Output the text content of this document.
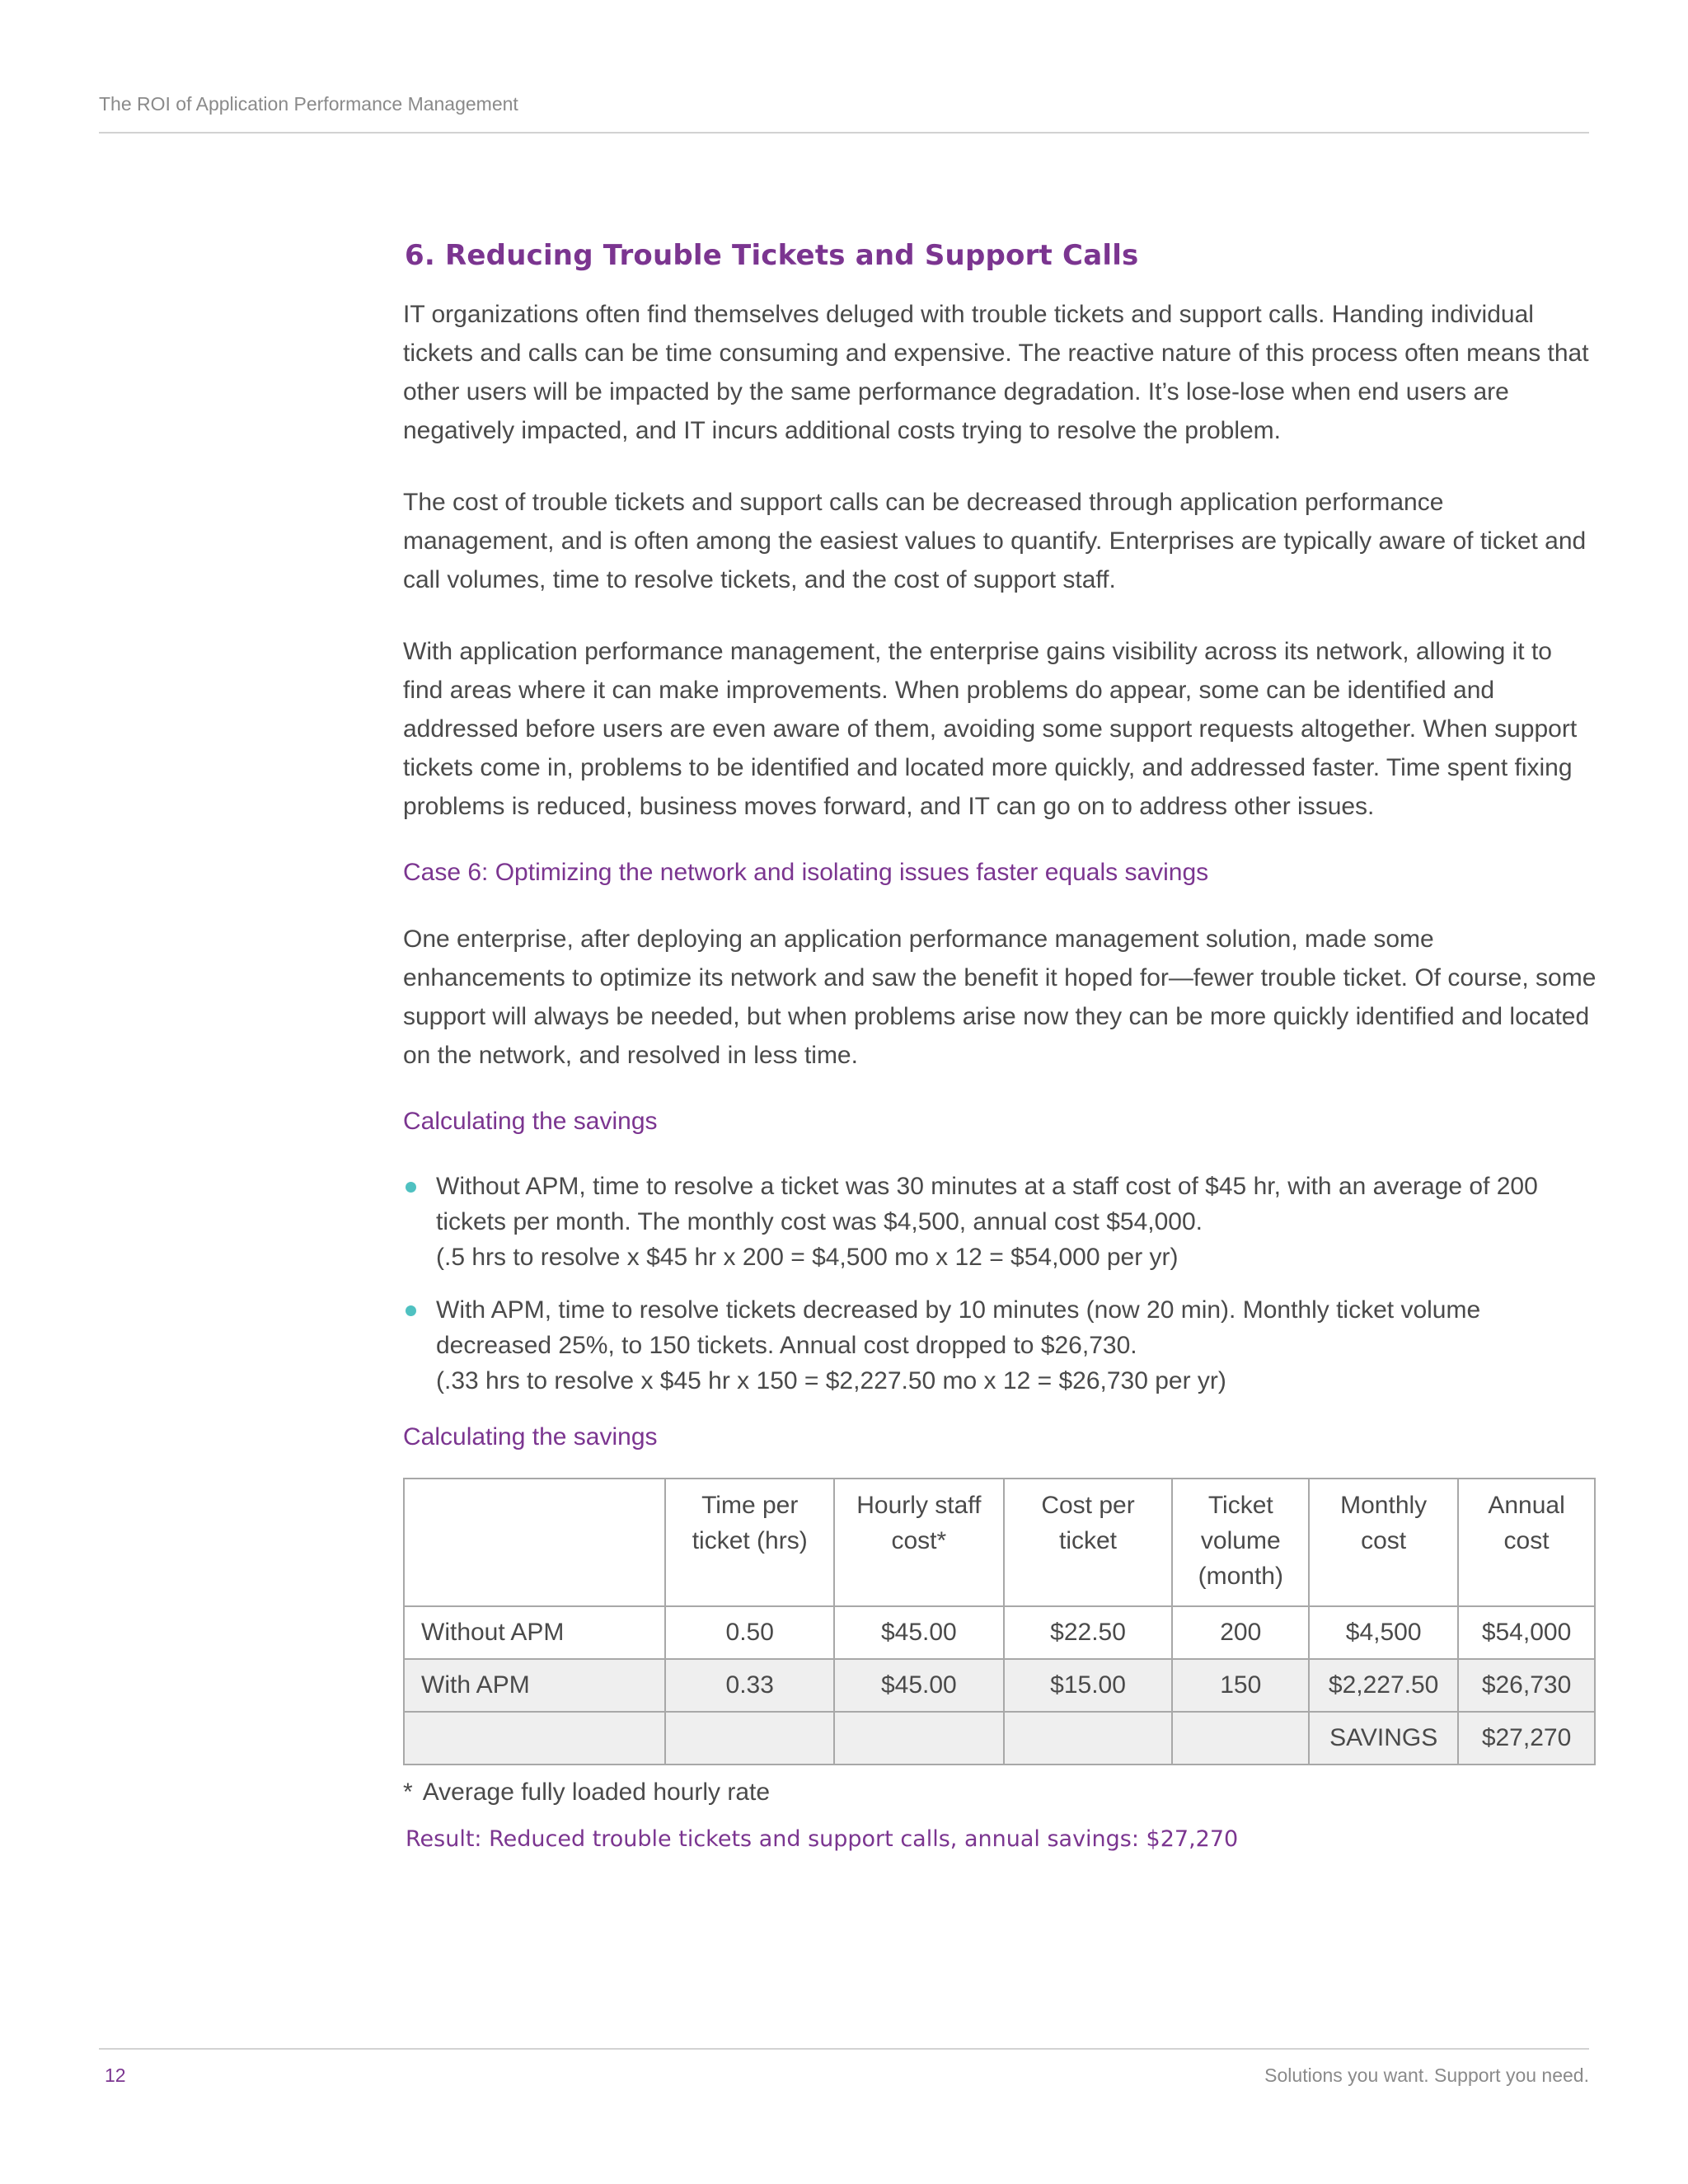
The ROI of Application Performance Management
6. Reducing Trouble Tickets and Support Calls

IT organizations often find themselves deluged with trouble tickets and support calls. Handing individual tickets and calls can be time consuming and expensive. The reactive nature of this process often means that other users will be impacted by the same performance degradation. It’s lose-lose when end users are negatively impacted, and IT incurs additional costs trying to resolve the problem.

The cost of trouble tickets and support calls can be decreased through application performance management, and is often among the easiest values to quantify. Enterprises are typically aware of ticket and call volumes, time to resolve tickets, and the cost of support staff.

With application performance management, the enterprise gains visibility across its network, allowing it to find areas where it can make improvements. When problems do appear, some can be identified and addressed before users are even aware of them, avoiding some support requests altogether. When support tickets come in, problems to be identified and located more quickly, and addressed faster. Time spent fixing problems is reduced, business moves forward, and IT can go on to address other issues.

Case 6: Optimizing the network and isolating issues faster equals savings

One enterprise, after deploying an application performance management solution, made some enhancements to optimize its network and saw the benefit it hoped for—fewer trouble ticket. Of course, some support will always be needed, but when problems arise now they can be more quickly identified and located on the network, and resolved in less time.

Calculating the savings
Without APM, time to resolve a ticket was 30 minutes at a staff cost of $45 hr, with an average of 200 tickets per month. The monthly cost was $4,500, annual cost $54,000.
(.5 hrs to resolve x $45 hr x 200 = $4,500 mo x 12 = $54,000 per yr)
With APM, time to resolve tickets decreased by 10 minutes (now 20 min). Monthly ticket volume decreased 25%, to 150 tickets. Annual cost dropped to $26,730.
(.33 hrs to resolve x $45 hr x 150 = $2,227.50 mo x 12 = $26,730 per yr)
Calculating the savings
	Time per ticket (hrs)	Hourly staff cost*	Cost per ticket	Ticket volume (month)	Monthly cost	Annual cost
Without APM	0.50	$45.00	$22.50	200	$4,500	$54,000
With APM	0.33	$45.00	$15.00	150	$2,227.50	$26,730
					SAVINGS	$27,270
* Average fully loaded hourly rate
Result: Reduced trouble tickets and support calls, annual savings: $27,270
12	Solutions you want. Support you need.
